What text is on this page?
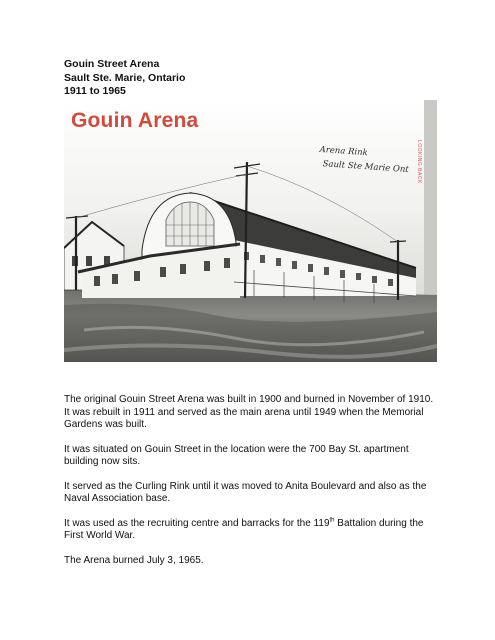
Gouin Street Arena
Sault Ste. Marie, Ontario
1911 to 1965
Gouin Arena
Arena Rink
Sault Ste Marie Ont LOOKING BACK

The original Gouin Street Arena was built in 1900 and burned in November of 1910. It was rebuilt in 1911 and served as the main arena until 1949 when the Memorial Gardens was built.

It was situated on Gouin Street in the location were the 700 Bay St. apartment building now sits.

It served as the Curling Rink until it was moved to Anita Boulevard and also as the Naval Association base.

It was used as the recruiting centre and barracks for the 119th Battalion during the First World War.

The Arena burned July 3, 1965.
